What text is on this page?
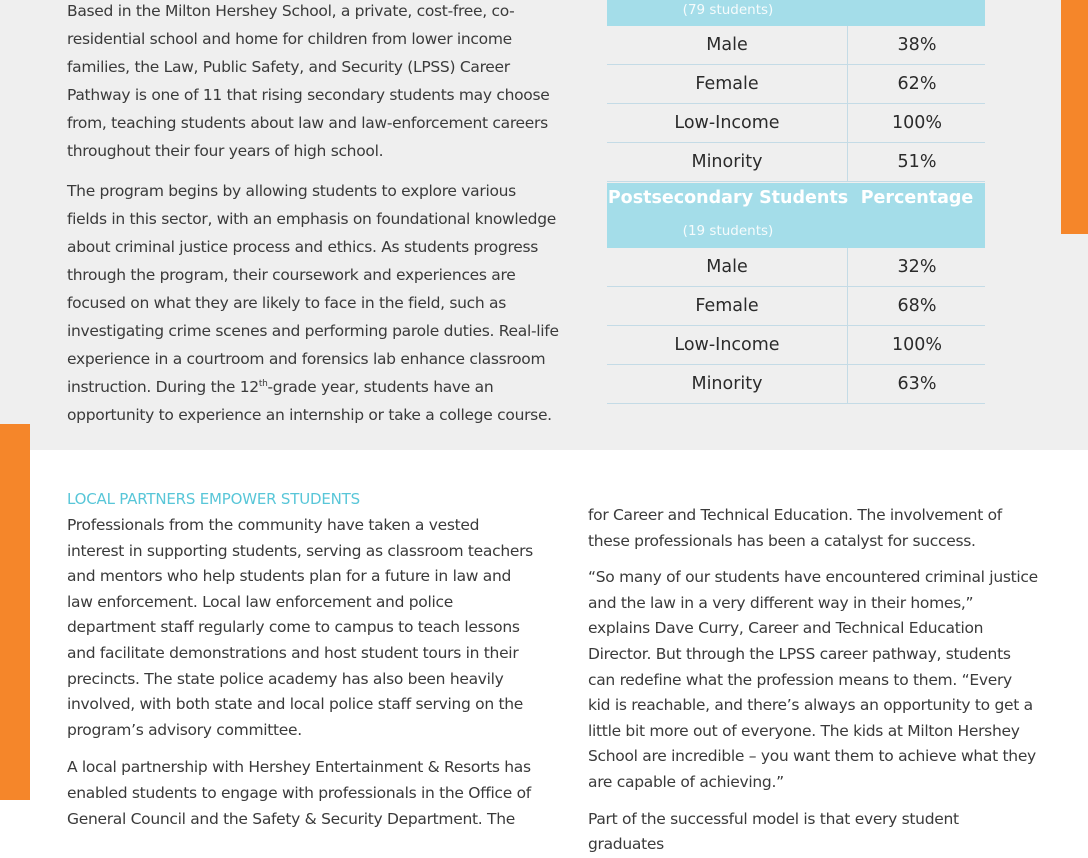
Based in the Milton Hershey School, a private, cost-free, co-residential school and home for children from lower income families, the Law, Public Safety, and Security (LPSS) Career Pathway is one of 11 that rising secondary students may choose from, teaching students about law and law-enforcement careers throughout their four years of high school.

The program begins by allowing students to explore various fields in this sector, with an emphasis on foundational knowledge about criminal justice process and ethics. As students progress through the program, their coursework and experiences are focused on what they are likely to face in the field, such as investigating crime scenes and performing parole duties. Real-life experience in a courtroom and forensics lab enhance classroom instruction. During the 12th-grade year, students have an opportunity to experience an internship or take a college course.

(79 students)
Male	38%
Female	62%
Low-Income	100%
Minority	51%
Postsecondary Students Percentage
(19 students)
Male	32%
Female	68%
Low-Income	100%
Minority	63%
LOCAL PARTNERS EMPOWER STUDENTS

Professionals from the community have taken a vested interest in supporting students, serving as classroom teachers and mentors who help students plan for a future in law and law enforcement. Local law enforcement and police department staff regularly come to campus to teach lessons and facilitate demonstrations and host student tours in their precincts. The state police academy has also been heavily involved, with both state and local police staff serving on the program’s advisory committee.

A local partnership with Hershey Entertainment & Resorts has enabled students to engage with professionals in the Office of General Council and the Safety & Security Department. The

for Career and Technical Education. The involvement of these professionals has been a catalyst for success.

“So many of our students have encountered criminal justice and the law in a very different way in their homes,” explains Dave Curry, Career and Technical Education Director. But through the LPSS career pathway, students can redefine what the profession means to them. “Every kid is reachable, and there’s always an opportunity to get a little bit more out of everyone. The kids at Milton Hershey School are incredible – you want them to achieve what they are capable of achieving.”

Part of the successful model is that every student graduates
